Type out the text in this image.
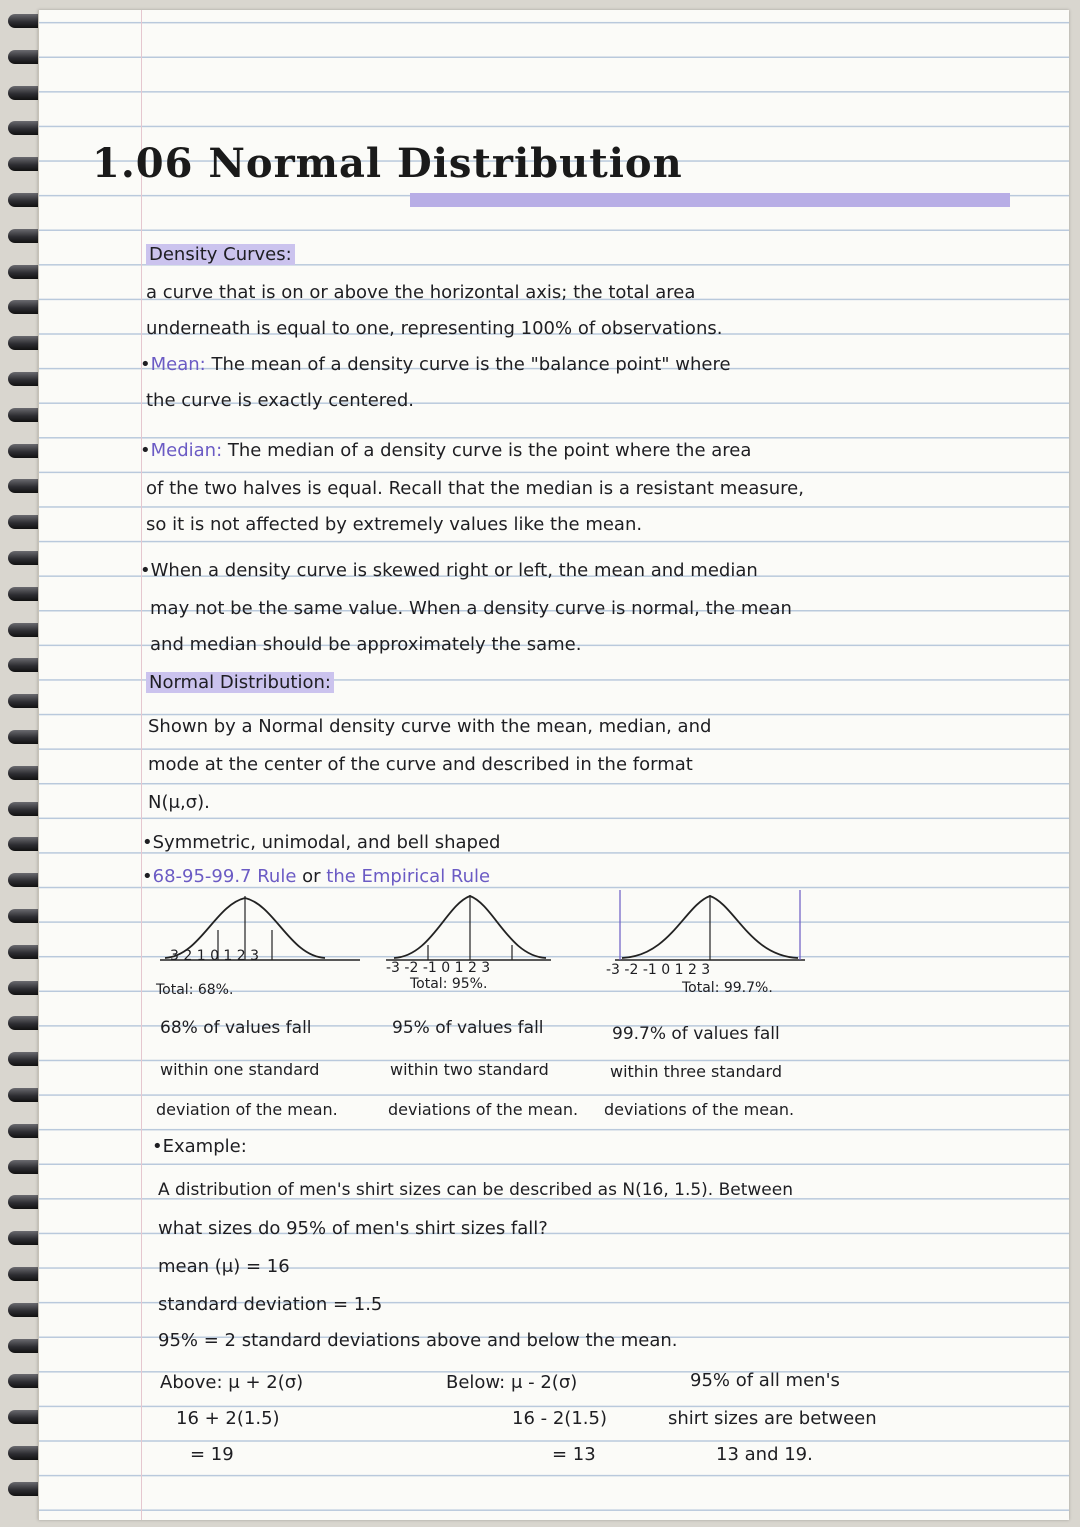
1.06 Normal Distribution
Density Curves:
a curve that is on or above the horizontal axis; the total area
underneath is equal to one, representing 100% of observations.
•Mean: The mean of a density curve is the "balance point" where
the curve is exactly centered.
•Median: The median of a density curve is the point where the area
of the two halves is equal. Recall that the median is a resistant measure,
so it is not affected by extremely values like the mean.
•When a density curve is skewed right or left, the mean and median
may not be the same value. When a density curve is normal, the mean
and median should be approximately the same.
Normal Distribution:
Shown by a Normal density curve with the mean, median, and
mode at the center of the curve and described in the format
N(μ,σ).
•Symmetric, unimodal, and bell shaped
•68-95-99.7 Rule or the Empirical Rule
3 2 1 0 1 2 3
-3 -2 -1 0 1 2 3	-3 -2 -1 0 1 2 3
Total: 68%.	Total: 95%.	Total: 99.7%.
68% of values fall
within one standard
deviation of the mean.
95% of values fall
within two standard
deviations of the mean.
99.7% of values fall
within three standard
deviations of the mean.
•Example:
A distribution of men's shirt sizes can be described as N(16, 1.5). Between
what sizes do 95% of men's shirt sizes fall?
mean (μ) = 16
standard deviation = 1.5
95% = 2 standard deviations above and below the mean.
Above: μ + 2(σ)
16 + 2(1.5)
= 19
Below: μ - 2(σ)
16 - 2(1.5)
= 13
95% of all men's
shirt sizes are between
13 and 19.
